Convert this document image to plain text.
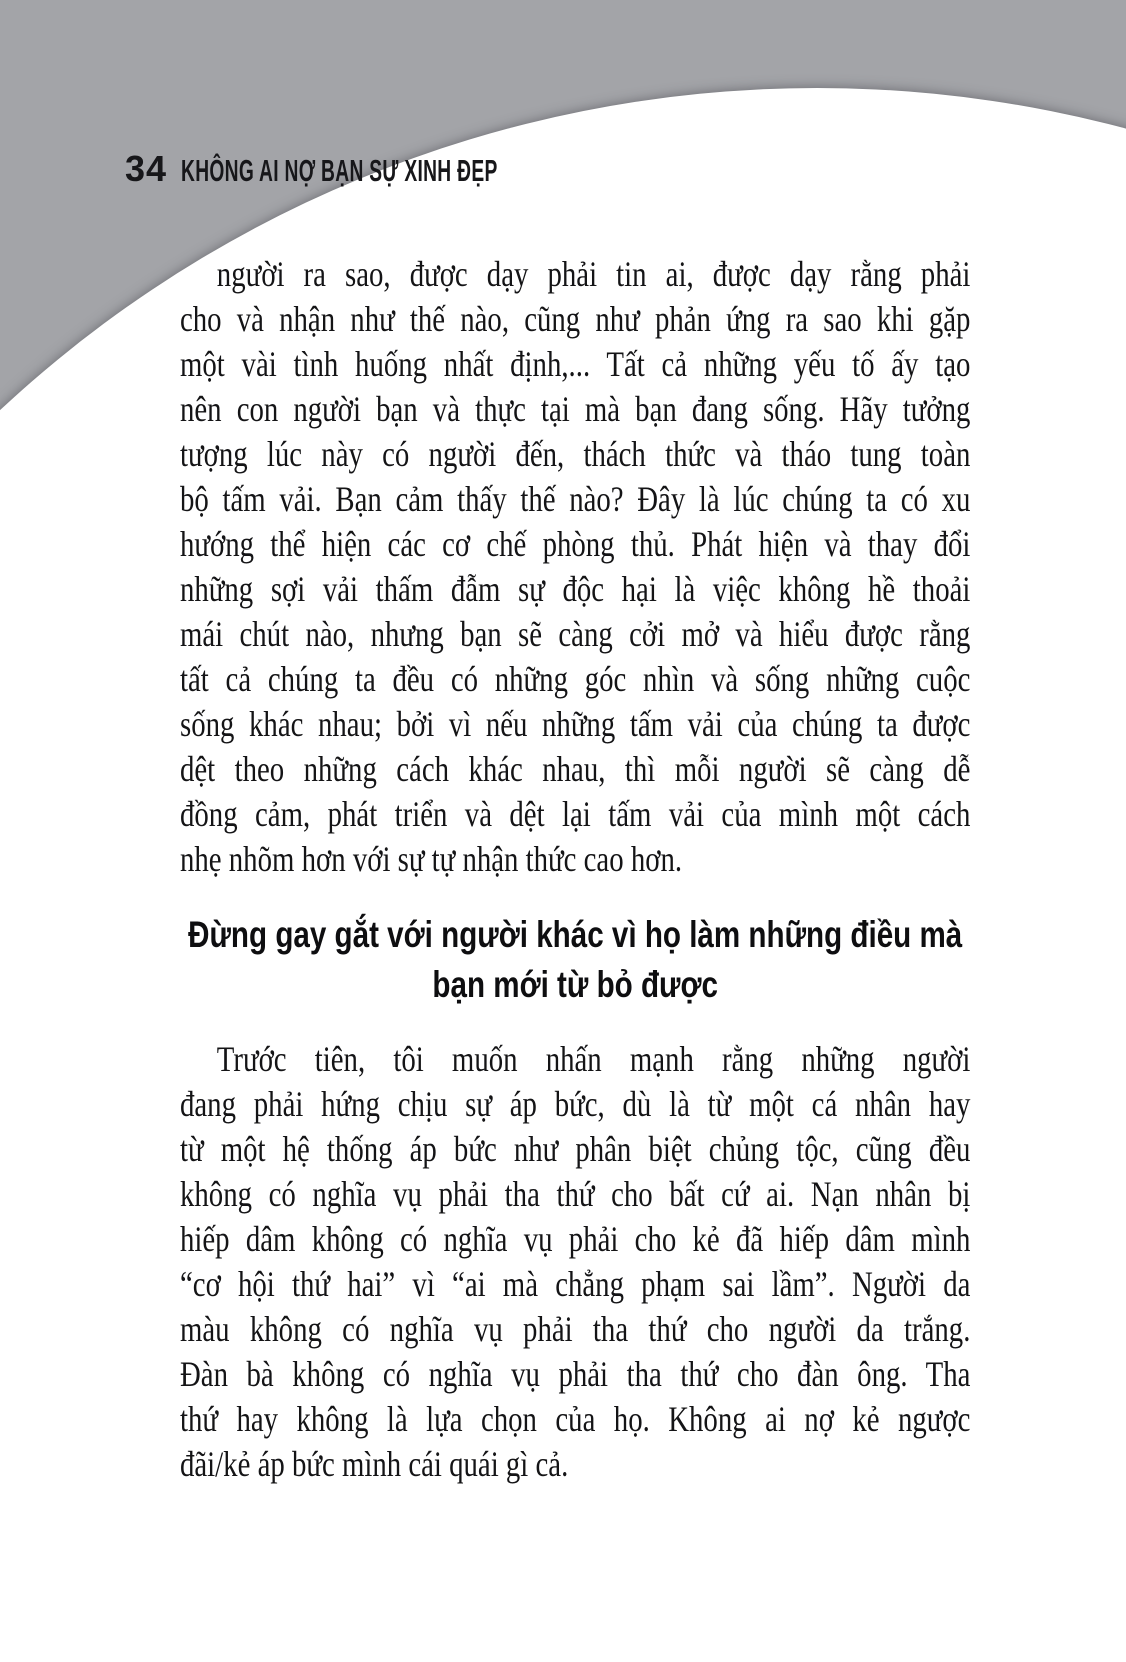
34 KHÔNG AI NỢ BẠN SỰ XINH ĐẸP
người ra sao, được dạy phải tin ai, được dạy rằng phải
cho và nhận như thế nào, cũng như phản ứng ra sao khi gặp
một vài tình huống nhất định,... Tất cả những yếu tố ấy tạo
nên con người bạn và thực tại mà bạn đang sống. Hãy tưởng
tượng lúc này có người đến, thách thức và tháo tung toàn
bộ tấm vải. Bạn cảm thấy thế nào? Đây là lúc chúng ta có xu
hướng thể hiện các cơ chế phòng thủ. Phát hiện và thay đổi
những sợi vải thấm đẫm sự độc hại là việc không hề thoải
mái chút nào, nhưng bạn sẽ càng cởi mở và hiểu được rằng
tất cả chúng ta đều có những góc nhìn và sống những cuộc
sống khác nhau; bởi vì nếu những tấm vải của chúng ta được
dệt theo những cách khác nhau, thì mỗi người sẽ càng dễ
đồng cảm, phát triển và dệt lại tấm vải của mình một cách
nhẹ nhõm hơn với sự tự nhận thức cao hơn.
Đừng gay gắt với người khác vì họ làm những điều mà
bạn mới từ bỏ được
Trước tiên, tôi muốn nhấn mạnh rằng những người
đang phải hứng chịu sự áp bức, dù là từ một cá nhân hay
từ một hệ thống áp bức như phân biệt chủng tộc, cũng đều
không có nghĩa vụ phải tha thứ cho bất cứ ai. Nạn nhân bị
hiếp dâm không có nghĩa vụ phải cho kẻ đã hiếp dâm mình
“cơ hội thứ hai” vì “ai mà chẳng phạm sai lầm”. Người da
màu không có nghĩa vụ phải tha thứ cho người da trắng.
Đàn bà không có nghĩa vụ phải tha thứ cho đàn ông. Tha
thứ hay không là lựa chọn của họ. Không ai nợ kẻ ngược
đãi/kẻ áp bức mình cái quái gì cả.
